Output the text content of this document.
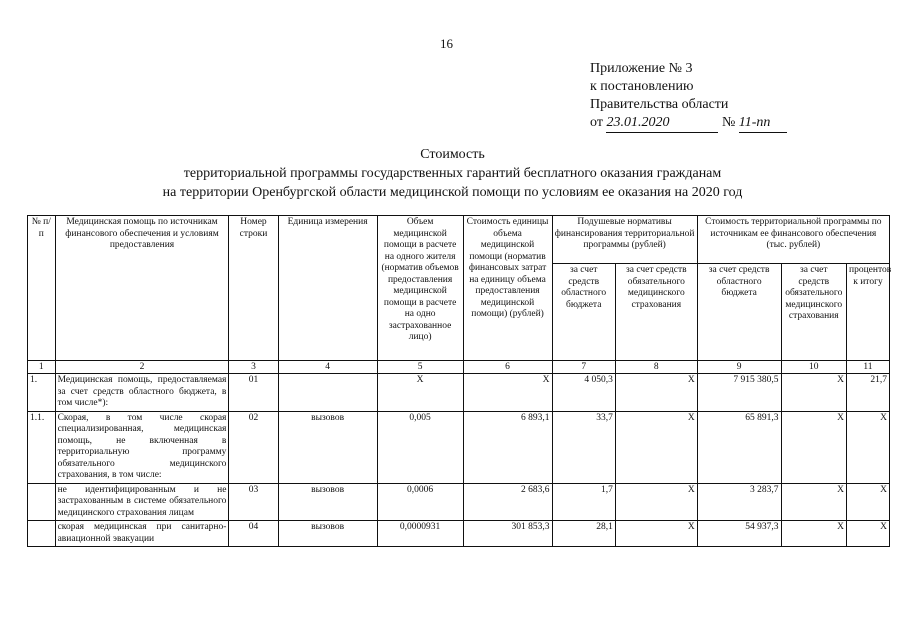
16
Приложение № 3
к постановлению
Правительства области
от 23.01.2020	№ 11-пп
Стоимость
территориальной программы государственных гарантий бесплатного оказания гражданам
на территории Оренбургской области медицинской помощи по условиям ее оказания на 2020 год
№ п/п	Медицинская помощь по источникам финансового обеспечения и условиям предоставления	Номер строки	Единица измерения	Объем медицинской помощи в расчете на одного жителя (норматив объемов предоставления медицинской помощи в расчете на одно застрахованное лицо)	Стоимость единицы объема медицинской помощи (норматив финансовых затрат на единицу объема предоставления медицинской помощи) (рублей)	Подушевые нормативы финансирования территориальной программы (рублей)		Стоимость территориальной программы по источникам ее финансового обеспечения (тыс. рублей)		
						за счет средств областного бюджета	за счет средств обязательного медицинского страхования	за счет средств областного бюджета	за счет средств обязательного медицинского страхования	процентов к итогу
1	2	3	4	5	6	7	8	9	10	11
1.	Медицинская помощь, предоставляемая за счет средств областного бюджета, в том числе*):	01		X	X	4 050,3	X	7 915 380,5	X	21,7
1.1.	Скорая, в том числе скорая специализированная, медицинская помощь, не включенная в территориальную программу обязательного медицинского страхования, в том числе:	02	вызовов	0,005	6 893,1	33,7	X	65 891,3	X	X
	не идентифицированным и не застрахованным в системе обязательного медицинского страхования лицам	03	вызовов	0,0006	2 683,6	1,7	X	3 283,7	X	X
	скорая медицинская при санитарно-авиационной эвакуации	04	вызовов	0,0000931	301 853,3	28,1	X	54 937,3	X	X
